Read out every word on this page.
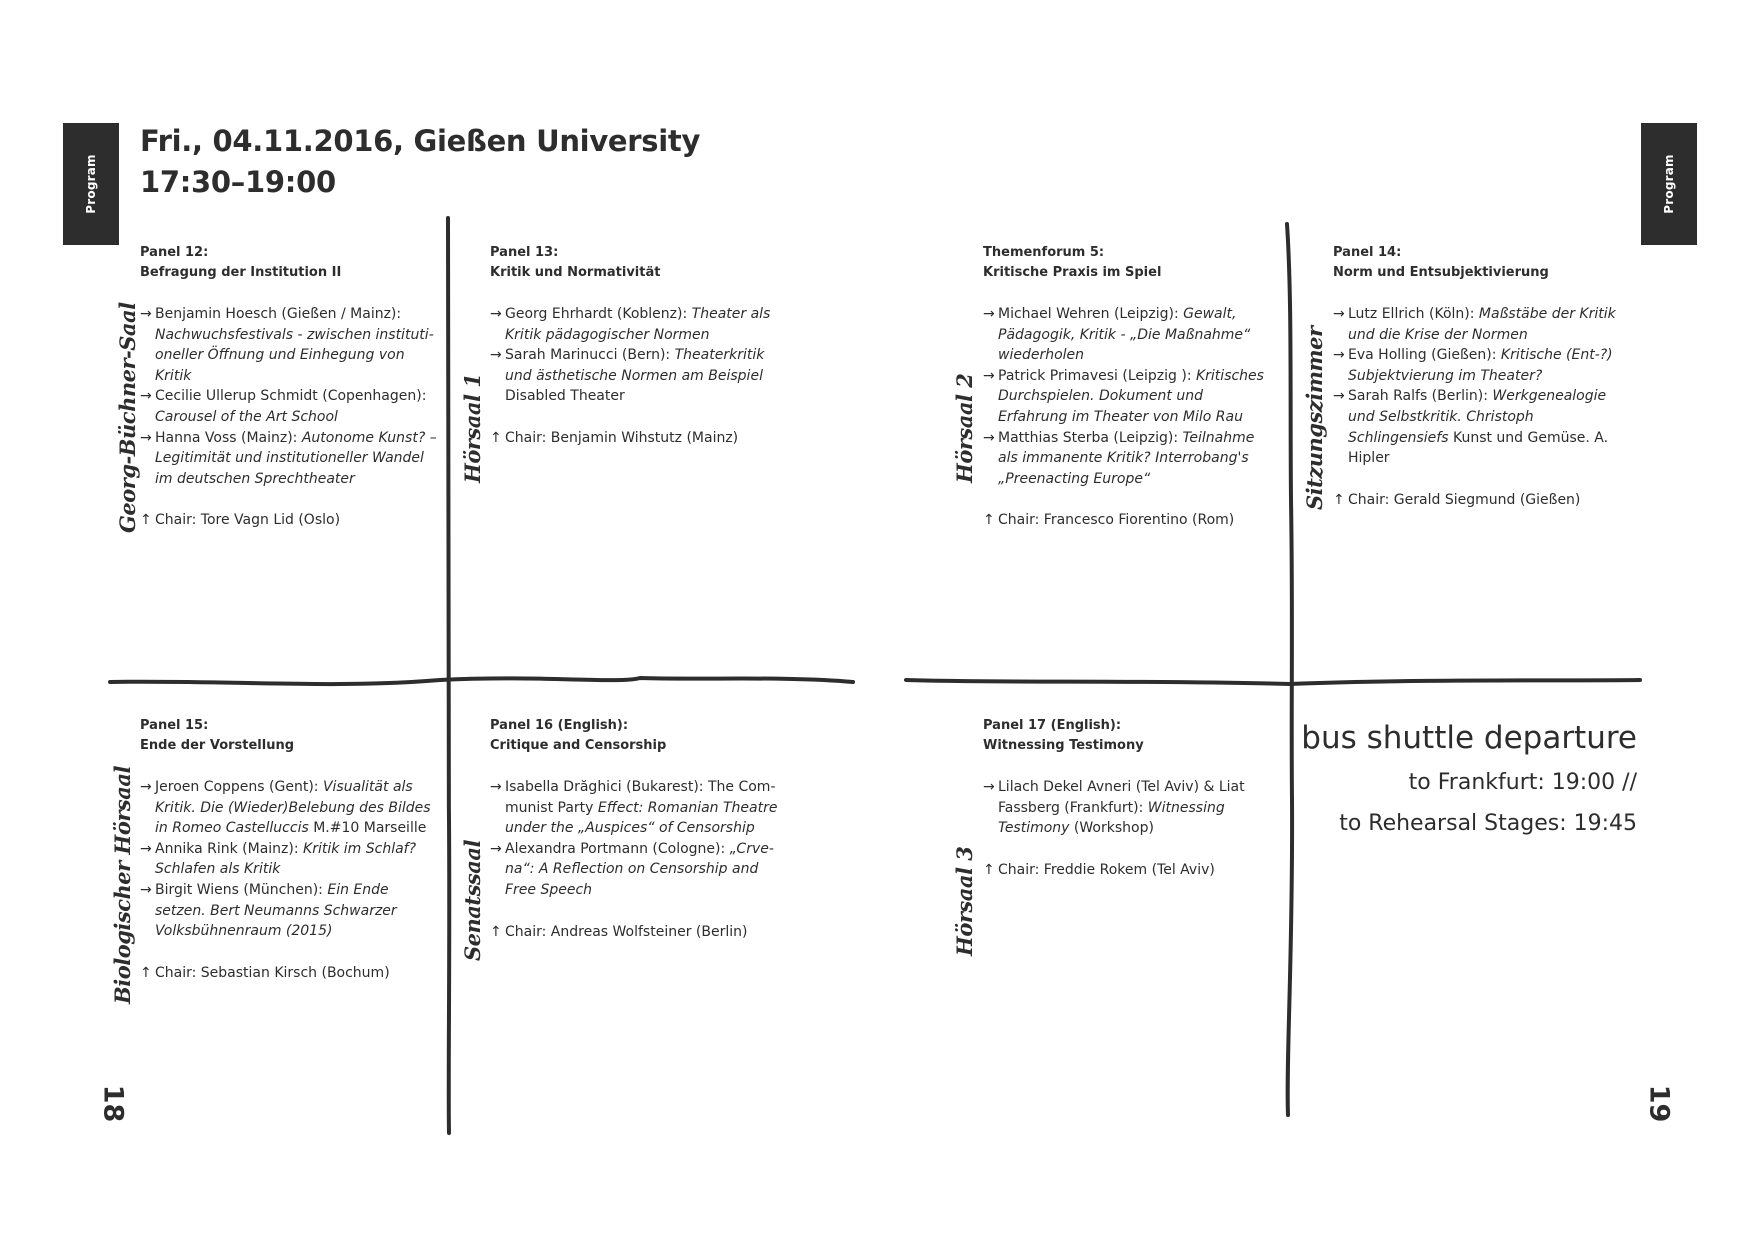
Program	Program
Fri., 04.11.2016, Gießen University
17:30–19:00
Georg-Büchner-Saal	Hörsaal 1	Hörsaal 2	Sitzungszimmer
Biologischer Hörsaal	Senatssaal	Hörsaal 3
Panel 12:
Befragung der Institution II
→ Benjamin Hoesch (Gießen / Mainz): Nachwuchsfestivals - zwischen institutioneller Öffnung und Einhegung von Kritik
→ Cecilie Ullerup Schmidt (Copenhagen): Carousel of the Art School
→ Hanna Voss (Mainz): Autonome Kunst? – Legitimität und institutioneller Wandel im deutschen Sprechtheater
↑ Chair: Tore Vagn Lid (Oslo)
Panel 13:
Kritik und Normativität
→ Georg Ehrhardt (Koblenz): Theater als Kritik pädagogischer Normen
→ Sarah Marinucci (Bern): Theaterkritik und ästhetische Normen am Beispiel Disabled Theater
↑ Chair: Benjamin Wihstutz (Mainz)
Themenforum 5:
Kritische Praxis im Spiel
→ Michael Wehren (Leipzig): Gewalt, Pädagogik, Kritik - „Die Maßnahme“ wiederholen
→ Patrick Primavesi (Leipzig ): Kritisches Durchspielen. Dokument und Erfahrung im Theater von Milo Rau
→ Matthias Sterba (Leipzig): Teilnahme als immanente Kritik? Interrobang's „Preenacting Europe“
↑ Chair: Francesco Fiorentino (Rom)
Panel 14:
Norm und Entsubjektivierung
→ Lutz Ellrich (Köln): Maßstäbe der Kritik und die Krise der Normen
→ Eva Holling (Gießen): Kritische (Ent-?) Subjektvierung im Theater?
→ Sarah Ralfs (Berlin): Werkgenealogie und Selbstkritik. Christoph Schlingensiefs Kunst und Gemüse. A. Hipler
↑ Chair: Gerald Siegmund (Gießen)
Panel 15:
Ende der Vorstellung
→ Jeroen Coppens (Gent): Visualität als Kritik. Die (Wieder)Belebung des Bildes in Romeo Castelluccis M.#10 Marseille
→ Annika Rink (Mainz): Kritik im Schlaf? Schlafen als Kritik
→ Birgit Wiens (München): Ein Ende setzen. Bert Neumanns Schwarzer Volksbühnenraum (2015)
↑ Chair: Sebastian Kirsch (Bochum)
Panel 16 (English):
Critique and Censorship
→ Isabella Drăghici (Bukarest): The Communist Party Effect: Romanian Theatre under the „Auspices“ of Censorship
→ Alexandra Portmann (Cologne): „Crvena“: A Reflection on Censorship and Free Speech
↑ Chair: Andreas Wolfsteiner (Berlin)
Panel 17 (English):
Witnessing Testimony
→ Lilach Dekel Avneri (Tel Aviv) & Liat Fassberg (Frankfurt): Witnessing Testimony (Workshop)
↑ Chair: Freddie Rokem (Tel Aviv)
bus shuttle departure
to Frankfurt: 19:00 //
to Rehearsal Stages: 19:45
18	19
